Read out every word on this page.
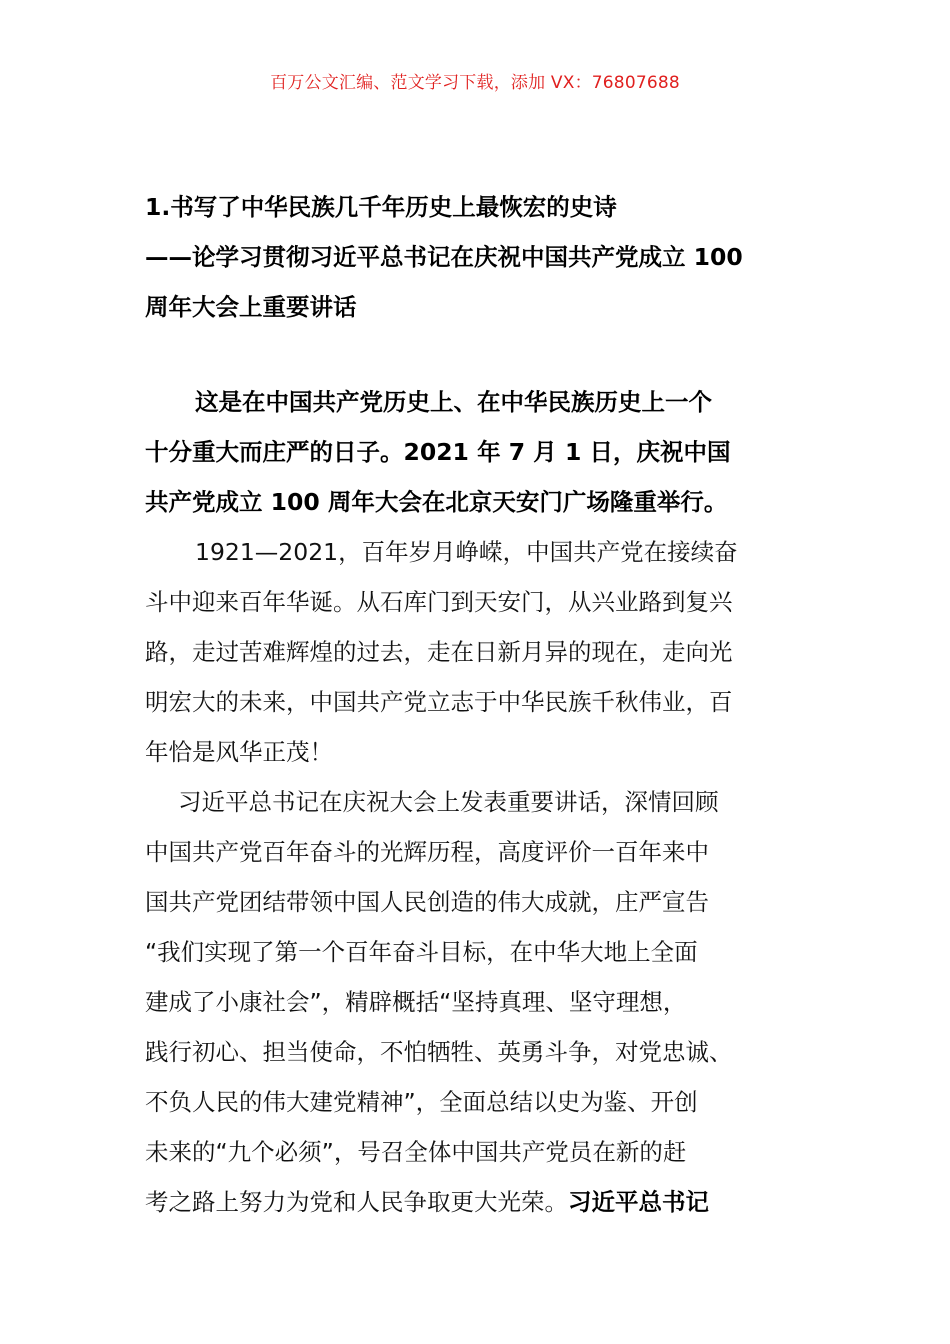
百万公文汇编、范文学习下载，添加 VX：76807688
1.书写了中华民族几千年历史上最恢宏的史诗
——论学习贯彻习近平总书记在庆祝中国共产党成立 100
周年大会上重要讲话
这是在中国共产党历史上、在中华民族历史上一个
十分重大而庄严的日子。2021 年 7 月 1 日，庆祝中国
共产党成立 100 周年大会在北京天安门广场隆重举行。
1921—2021，百年岁月峥嵘，中国共产党在接续奋
斗中迎来百年华诞。从石库门到天安门，从兴业路到复兴
路，走过苦难辉煌的过去，走在日新月异的现在，走向光
明宏大的未来，中国共产党立志于中华民族千秋伟业，百
年恰是风华正茂！
习近平总书记在庆祝大会上发表重要讲话，深情回顾
中国共产党百年奋斗的光辉历程，高度评价一百年来中
国共产党团结带领中国人民创造的伟大成就，庄严宣告
“我们实现了第一个百年奋斗目标，在中华大地上全面
建成了小康社会”，精辟概括“坚持真理、坚守理想，
践行初心、担当使命，不怕牺牲、英勇斗争，对党忠诚、
不负人民的伟大建党精神”，全面总结以史为鉴、开创
未来的“九个必须”，号召全体中国共产党员在新的赶
考之路上努力为党和人民争取更大光荣。习近平总书记
